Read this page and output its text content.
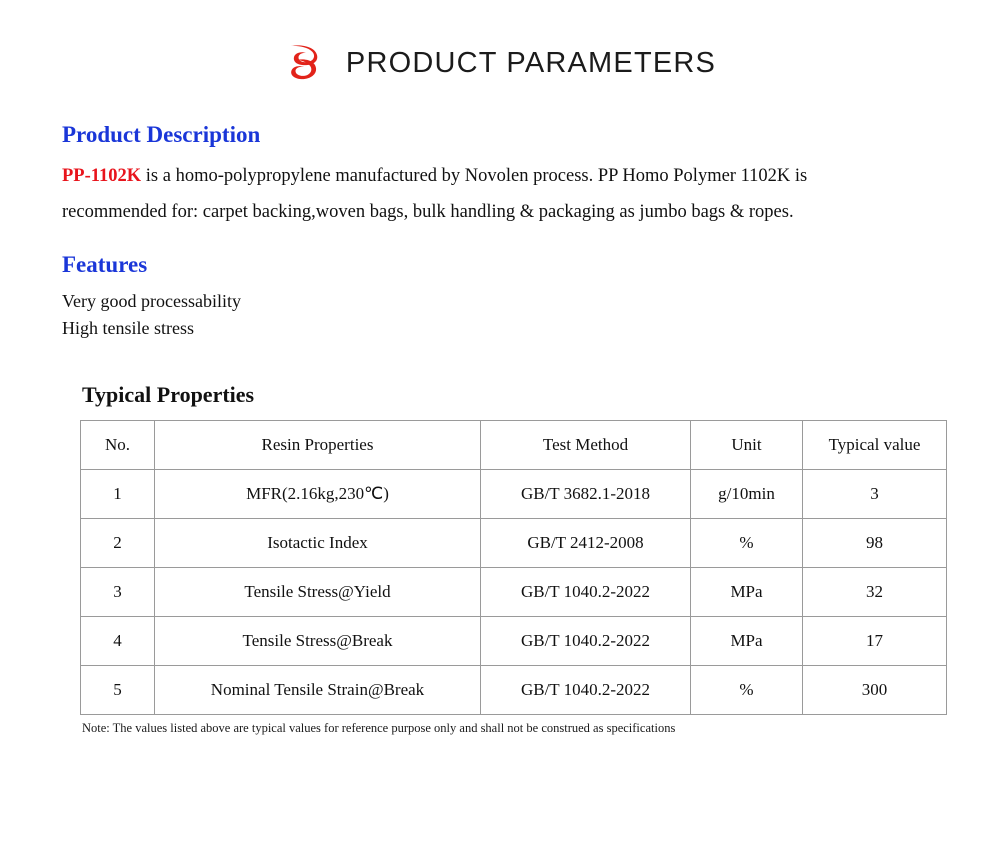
PRODUCT PARAMETERS
Product Description

PP-1102K is a homo-polypropylene manufactured by Novolen process. PP Homo Polymer 1102K is
recommended for: carpet backing,woven bags, bulk handling & packaging as jumbo bags & ropes.

Features
Very good processability
High tensile stress
Typical Properties
No.	Resin Properties	Test Method	Unit	Typical value
1	MFR(2.16kg,230℃)	GB/T 3682.1-2018	g/10min	3
2	Isotactic Index	GB/T 2412-2008	%	98
3	Tensile Stress@Yield	GB/T 1040.2-2022	MPa	32
4	Tensile Stress@Break	GB/T 1040.2-2022	MPa	17
5	Nominal Tensile Strain@Break	GB/T 1040.2-2022	%	300
Note: The values listed above are typical values for reference purpose only and shall not be construed as specifications
